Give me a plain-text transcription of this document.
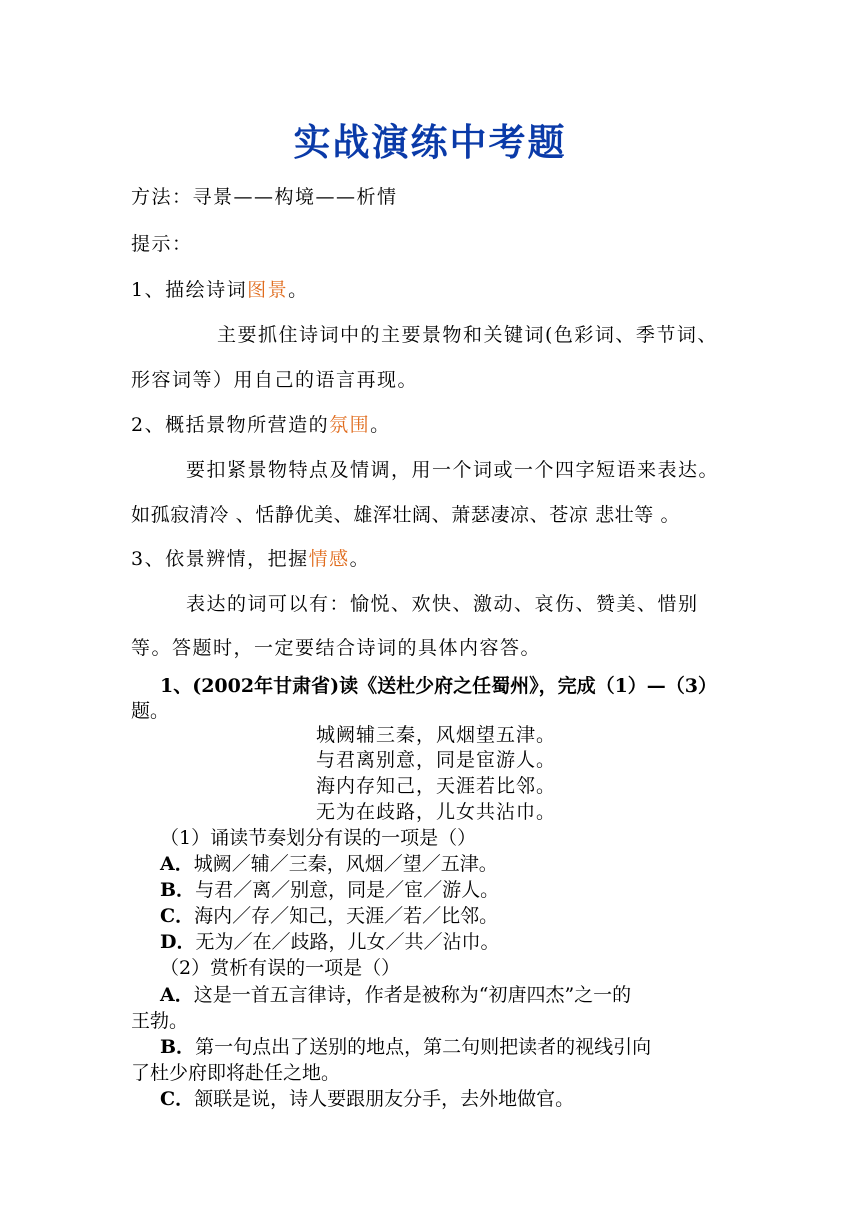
实战演练中考题
方法：寻景——构境——析情
提示：
1、描绘诗词图景。
主要抓住诗词中的主要景物和关键词(色彩词、季节词、
形容词等）用自己的语言再现。
2、概括景物所营造的氛围。
要扣紧景物特点及情调，用一个词或一个四字短语来表达。
如孤寂清冷 、恬静优美、雄浑壮阔、萧瑟凄凉、苍凉 悲壮等 。
3、依景辨情，把握情感。
表达的词可以有：愉悦、欢快、激动、哀伤、赞美、惜别
等。答题时，一定要结合诗词的具体内容答。
1、(2002年甘肃省)读《送杜少府之任蜀州》，完成（1）—（3）
题。
城阙辅三秦，风烟望五津。
与君离别意，同是宦游人。
海内存知己，天涯若比邻。
无为在歧路，儿女共沾巾。
（1）诵读节奏划分有误的一项是（）
A．城阙／辅／三秦，风烟／望／五津。
B．与君／离／别意，同是／宦／游人。
C．海内／存／知己，天涯／若／比邻。
D．无为／在／歧路，儿女／共／沾巾。
（2）赏析有误的一项是（）
A．这是一首五言律诗，作者是被称为“初唐四杰”之一的
王勃。
B．第一句点出了送别的地点，第二句则把读者的视线引向
了杜少府即将赴任之地。
C．颔联是说，诗人要跟朋友分手，去外地做官。
